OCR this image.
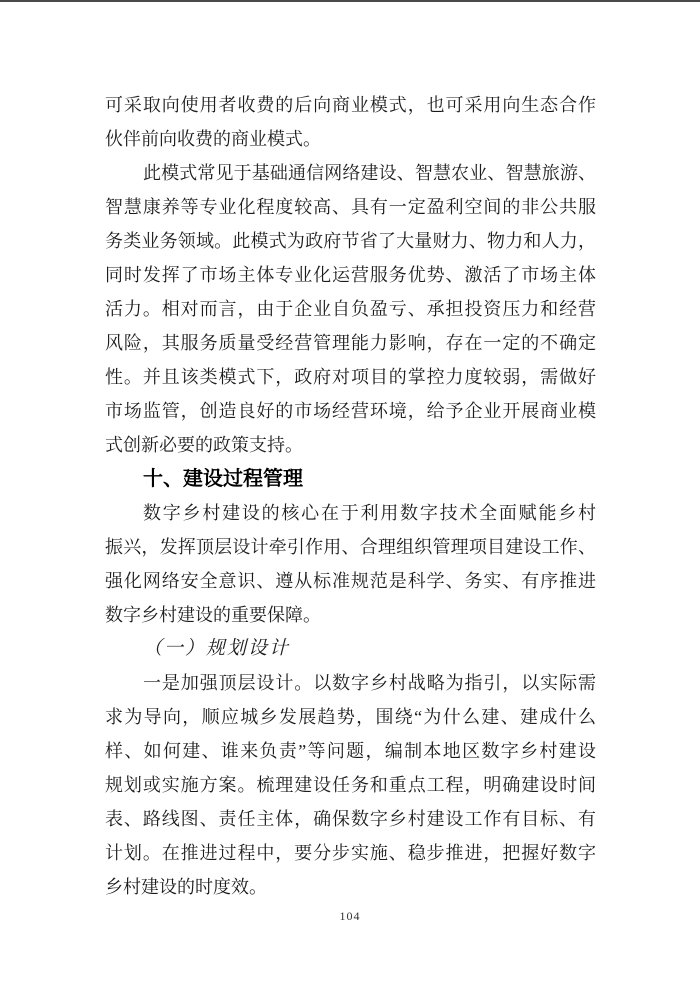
可采取向使用者收费的后向商业模式，也可采用向生态合作
伙伴前向收费的商业模式。
此模式常见于基础通信网络建设、智慧农业、智慧旅游、
智慧康养等专业化程度较高、具有一定盈利空间的非公共服
务类业务领域。此模式为政府节省了大量财力、物力和人力，
同时发挥了市场主体专业化运营服务优势、激活了市场主体
活力。相对而言，由于企业自负盈亏、承担投资压力和经营
风险，其服务质量受经营管理能力影响，存在一定的不确定
性。并且该类模式下，政府对项目的掌控力度较弱，需做好
市场监管，创造良好的市场经营环境，给予企业开展商业模
式创新必要的政策支持。
十、建设过程管理
数字乡村建设的核心在于利用数字技术全面赋能乡村
振兴，发挥顶层设计牵引作用、合理组织管理项目建设工作、
强化网络安全意识、遵从标准规范是科学、务实、有序推进
数字乡村建设的重要保障。
（一）规划设计
一是加强顶层设计。以数字乡村战略为指引，以实际需
求为导向，顺应城乡发展趋势，围绕“为什么建、建成什么
样、如何建、谁来负责”等问题，编制本地区数字乡村建设
规划或实施方案。梳理建设任务和重点工程，明确建设时间
表、路线图、责任主体，确保数字乡村建设工作有目标、有
计划。在推进过程中，要分步实施、稳步推进，把握好数字
乡村建设的时度效。
104
